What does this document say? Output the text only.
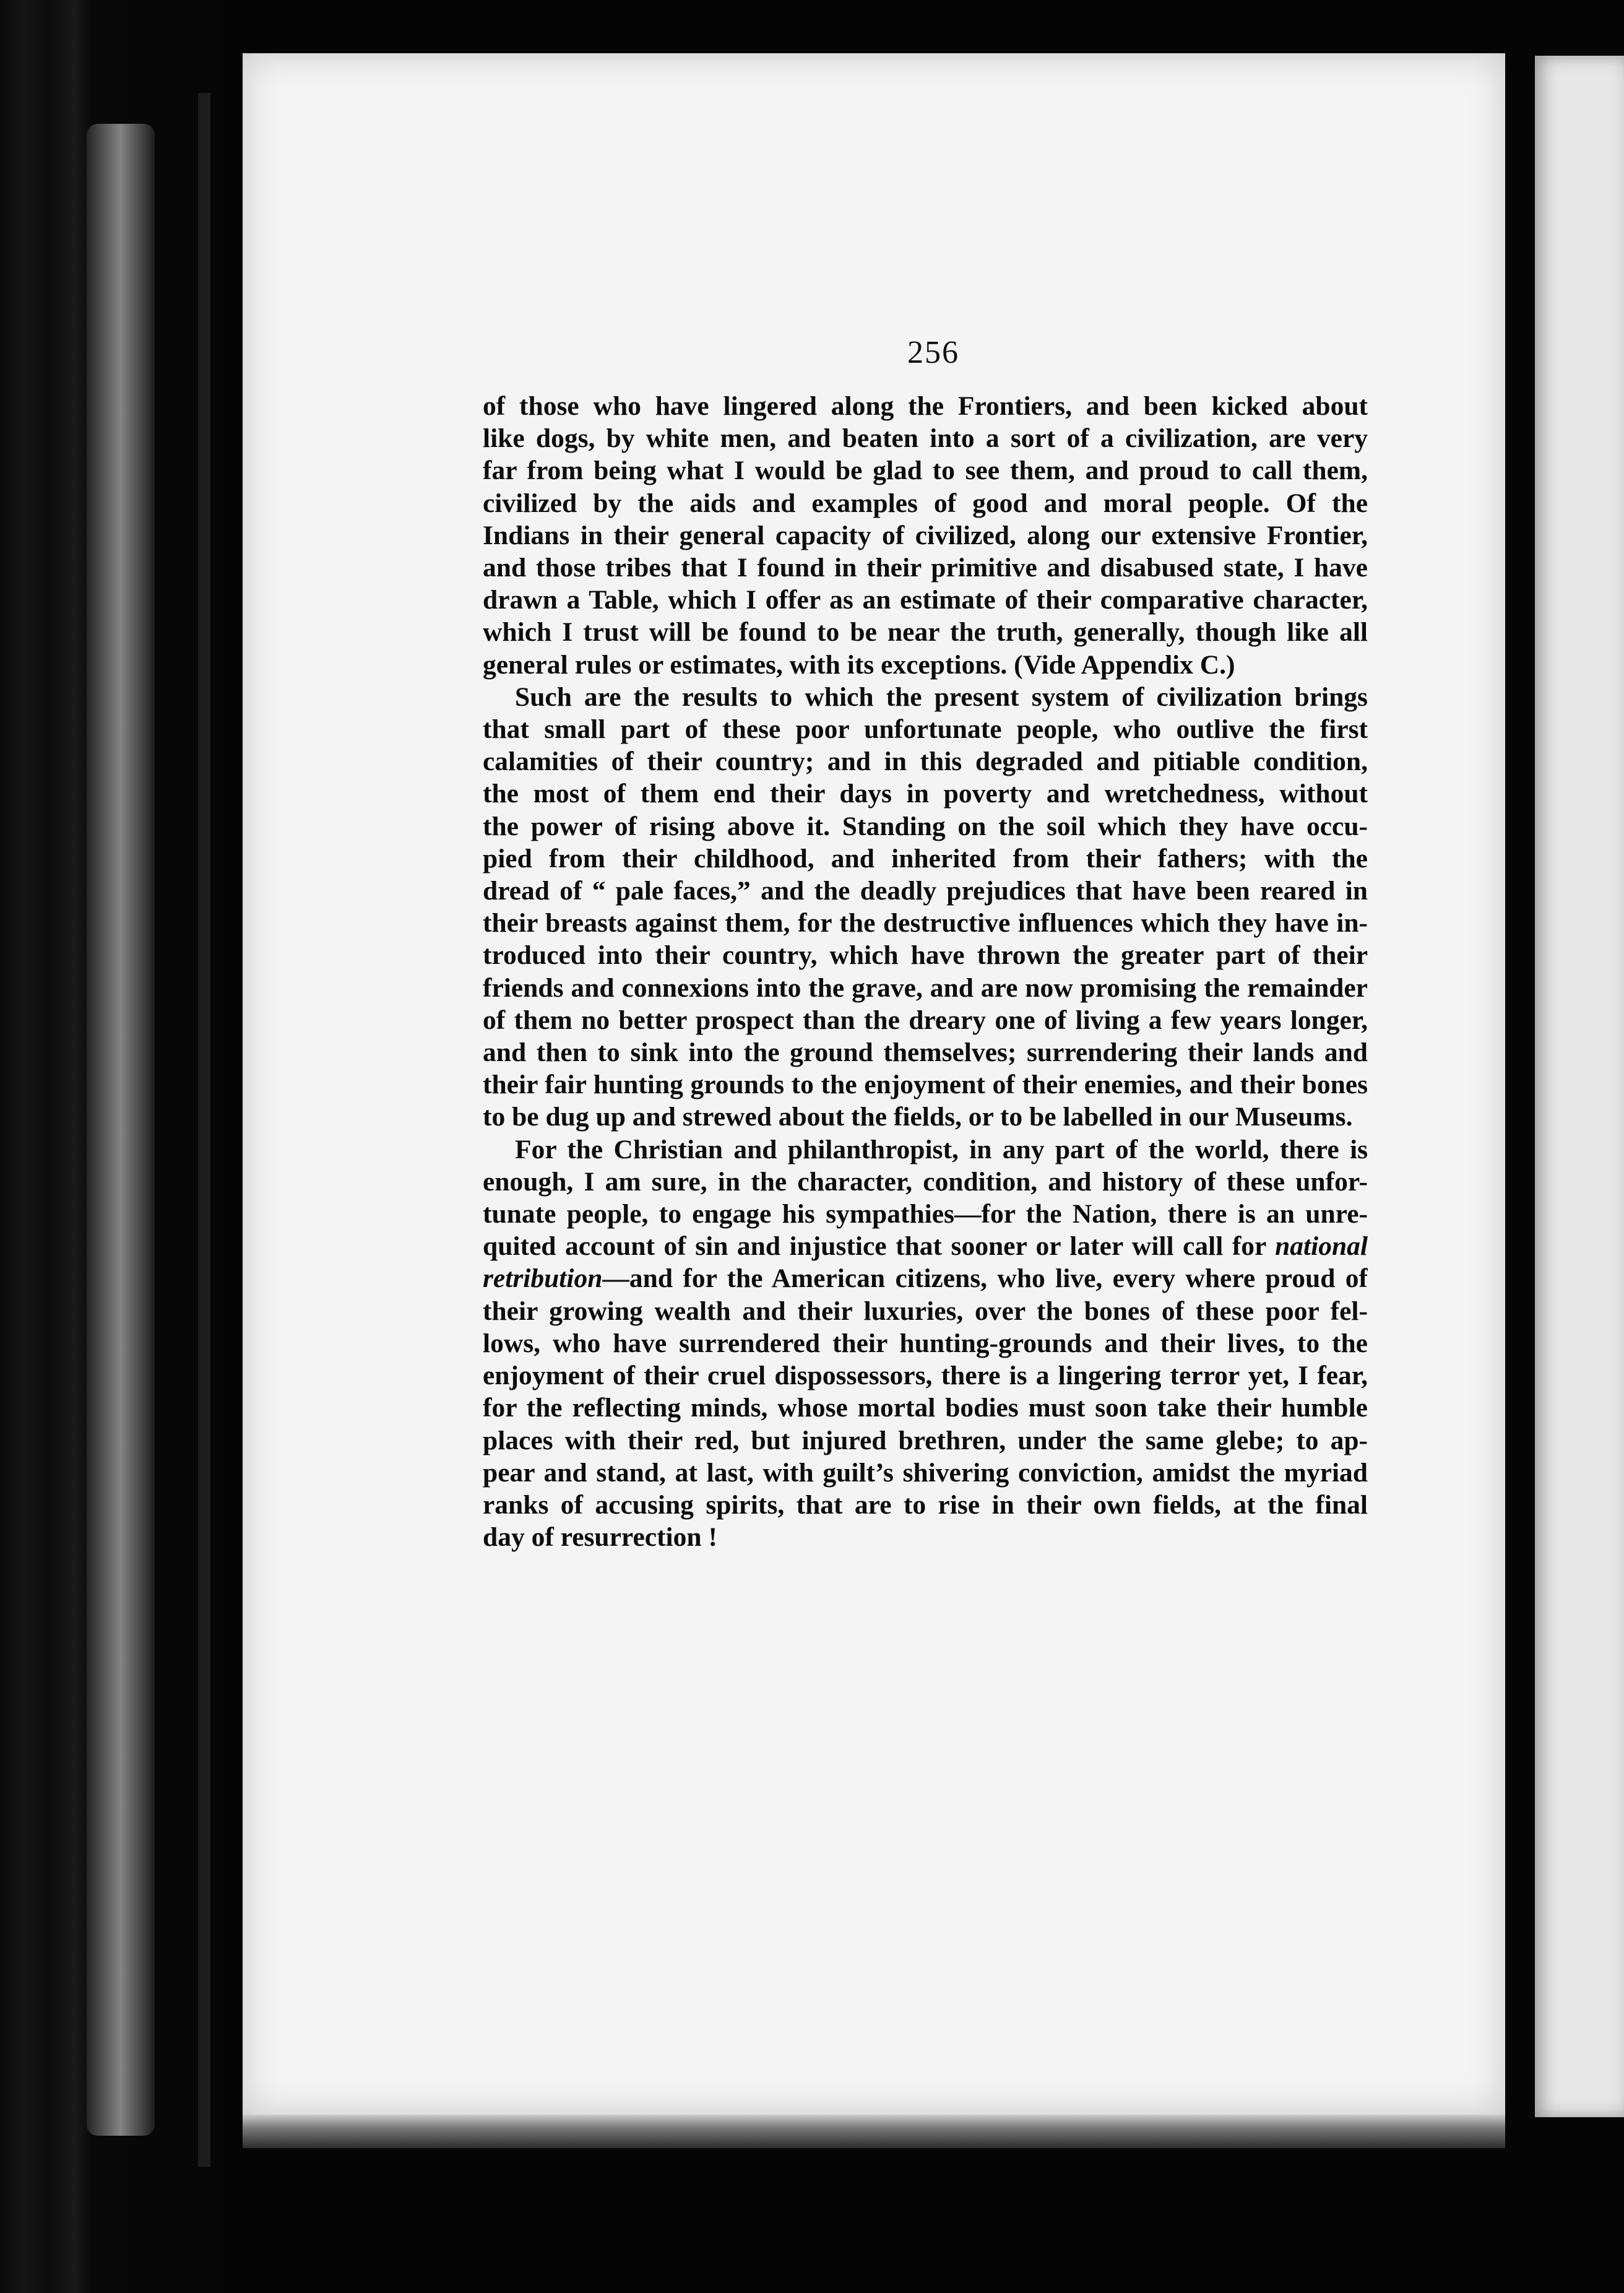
256
of those who have lingered along the Frontiers, and been kicked about
like dogs, by white men, and beaten into a sort of a civilization, are very
far from being what I would be glad to see them, and proud to call them,
civilized by the aids and examples of good and moral people. Of the
Indians in their general capacity of civilized, along our extensive Frontier,
and those tribes that I found in their primitive and disabused state, I have
drawn a Table, which I offer as an estimate of their comparative character,
which I trust will be found to be near the truth, generally, though like all
general rules or estimates, with its exceptions. (Vide Appendix C.)
Such are the results to which the present system of civilization brings
that small part of these poor unfortunate people, who outlive the first
calamities of their country; and in this degraded and pitiable condition,
the most of them end their days in poverty and wretchedness, without
the power of rising above it. Standing on the soil which they have occu-
pied from their childhood, and inherited from their fathers; with the
dread of “ pale faces,” and the deadly prejudices that have been reared in
their breasts against them, for the destructive influences which they have in-
troduced into their country, which have thrown the greater part of their
friends and connexions into the grave, and are now promising the remainder
of them no better prospect than the dreary one of living a few years longer,
and then to sink into the ground themselves; surrendering their lands and
their fair hunting grounds to the enjoyment of their enemies, and their bones
to be dug up and strewed about the fields, or to be labelled in our Museums.
For the Christian and philanthropist, in any part of the world, there is
enough, I am sure, in the character, condition, and history of these unfor-
tunate people, to engage his sympathies—for the Nation, there is an unre-
quited account of sin and injustice that sooner or later will call for national
retribution—and for the American citizens, who live, every where proud of
their growing wealth and their luxuries, over the bones of these poor fel-
lows, who have surrendered their hunting-grounds and their lives, to the
enjoyment of their cruel dispossessors, there is a lingering terror yet, I fear,
for the reflecting minds, whose mortal bodies must soon take their humble
places with their red, but injured brethren, under the same glebe; to ap-
pear and stand, at last, with guilt’s shivering conviction, amidst the myriad
ranks of accusing spirits, that are to rise in their own fields, at the final
day of resurrection !
